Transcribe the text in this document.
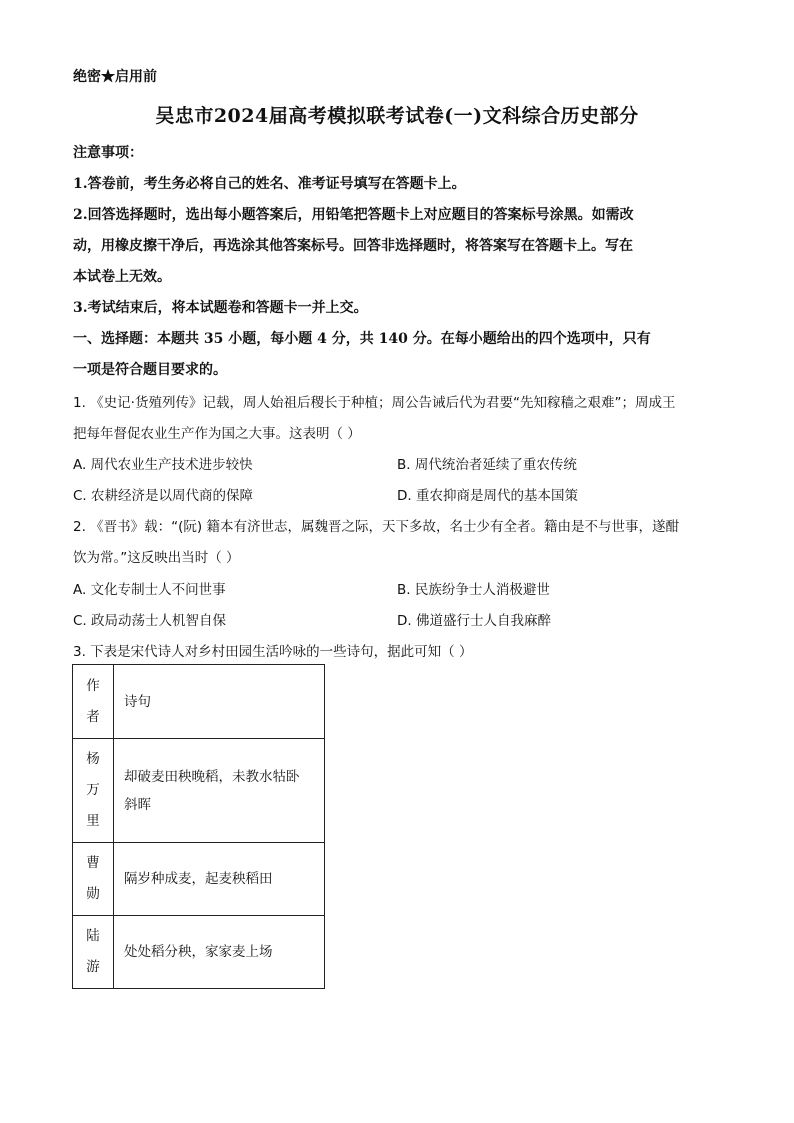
绝密★启用前
吴忠市2024届高考模拟联考试卷(一)文科综合历史部分
注意事项：
1.答卷前，考生务必将自己的姓名、准考证号填写在答题卡上。
2.回答选择题时，选出每小题答案后，用铅笔把答题卡上对应题目的答案标号涂黑。如需改
动，用橡皮擦干净后，再选涂其他答案标号。回答非选择题时，将答案写在答题卡上。写在
本试卷上无效。
3.考试结束后，将本试题卷和答题卡一并上交。
一、选择题：本题共 35 小题，每小题 4 分，共 140 分。在每小题给出的四个选项中，只有
一项是符合题目要求的。
1. 《史记·货殖列传》记载，周人始祖后稷长于种植；周公告诫后代为君要“先知稼穑之艰难”；周成王
把每年督促农业生产作为国之大事。这表明（ ）
A. 周代农业生产技术进步较快	B. 周代统治者延续了重农传统
C. 农耕经济是以周代商的保障	D. 重农抑商是周代的基本国策
2. 《晋书》载：“(阮) 籍本有济世志，属魏晋之际，天下多故，名士少有全者。籍由是不与世事，遂酣
饮为常。”这反映出当时（ ）
A. 文化专制士人不问世事	B. 民族纷争士人消极避世
C. 政局动荡士人机智自保	D. 佛道盛行士人自我麻醉
3. 下表是宋代诗人对乡村田园生活吟咏的一些诗句，据此可知（ ）
作
者	诗句

杨
万
里	却破麦田秧晚稻，未教水牯卧
斜晖

曹
勋	隔岁种成麦，起麦秧稻田

陆
游	处处稻分秧，家家麦上场
